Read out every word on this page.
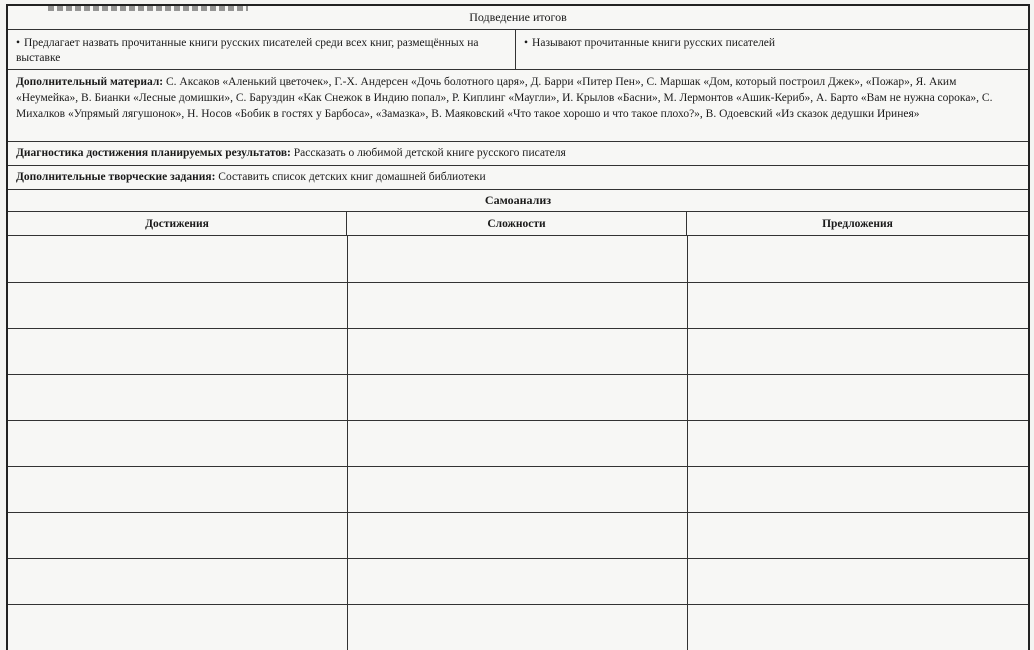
Подведение итогов
• Предлагает назвать прочитанные книги русских писателей среди всех книг, размещённых на выставке
• Называют прочитанные книги русских писателей
Дополнительный материал: С. Аксаков «Аленький цветочек», Г.-Х. Андерсен «Дочь болотного царя», Д. Барри «Питер Пен», С. Маршак «Дом, который построил Джек», «Пожар», Я. Аким «Неумейка», В. Бианки «Лесные домишки», С. Баруздин «Как Снежок в Индию попал», Р. Киплинг «Маугли», И. Крылов «Басни», М. Лермонтов «Ашик-Кериб», А. Барто «Вам не нужна сорока», С. Михалков «Упрямый лягушонок», Н. Носов «Бобик в гостях у Барбоса», «Замазка», В. Маяковский «Что такое хорошо и что такое плохо?», В. Одоевский «Из сказок дедушки Иринея»
Диагностика достижения планируемых результатов: Рассказать о любимой детской книге русского писателя
Дополнительные творческие задания: Составить список детских книг домашней библиотеки
Самоанализ
Достижения	Сложности	Предложения
